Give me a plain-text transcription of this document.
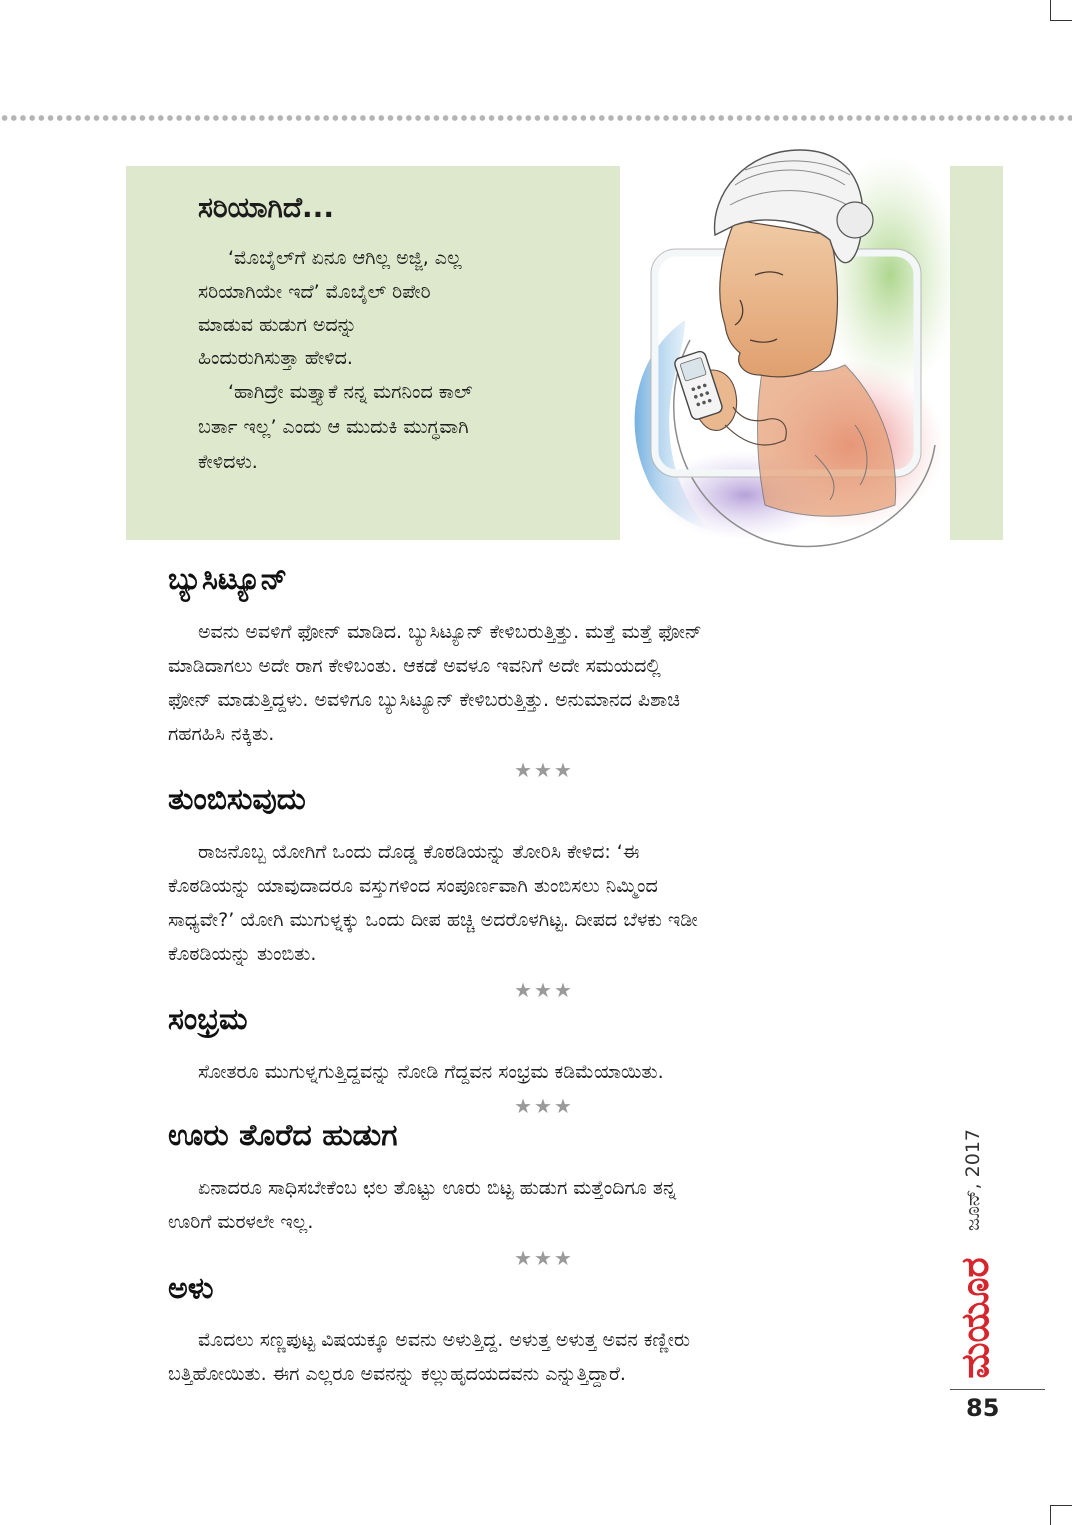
ಸರಿಯಾಗಿದೆ...
‘ಮೊಬೈಲ್‌ಗೆ ಏನೂ ಆಗಿಲ್ಲ ಅಜ್ಜಿ, ಎಲ್ಲ
ಸರಿಯಾಗಿಯೇ ಇದೆ’ ಮೊಬೈಲ್ ರಿಪೇರಿ
ಮಾಡುವ ಹುಡುಗ ಅದನ್ನು
ಹಿಂದುರುಗಿಸುತ್ತಾ ಹೇಳಿದ.
‘ಹಾಗಿದ್ರೇ ಮತ್ತ್ಯಾಕೆ ನನ್ನ ಮಗನಿಂದ ಕಾಲ್
ಬರ್ತಾ ಇಲ್ಲ’ ಎಂದು ಆ ಮುದುಕಿ ಮುಗ್ಧವಾಗಿ
ಕೇಳಿದಳು.
ಬ್ಯುಸಿಟ್ಯೂನ್
ಅವನು ಅವಳಿಗೆ ಫೋನ್ ಮಾಡಿದ. ಬ್ಯುಸಿಟ್ಯೂನ್ ಕೇಳಿಬರುತ್ತಿತ್ತು. ಮತ್ತೆ ಮತ್ತೆ ಫೋನ್
ಮಾಡಿದಾಗಲು ಅದೇ ರಾಗ ಕೇಳಿಬಂತು. ಆಕಡೆ ಅವಳೂ ಇವನಿಗೆ ಅದೇ ಸಮಯದಲ್ಲಿ
ಫೋನ್ ಮಾಡುತ್ತಿದ್ದಳು. ಅವಳಿಗೂ ಬ್ಯುಸಿಟ್ಯೂನ್ ಕೇಳಿಬರುತ್ತಿತ್ತು. ಅನುಮಾನದ ಪಿಶಾಚಿ
ಗಹಗಹಿಸಿ ನಕ್ಕಿತು.
★★★
ತುಂಬಿಸುವುದು
ರಾಜನೊಬ್ಬ ಯೋಗಿಗೆ ಒಂದು ದೊಡ್ಡ ಕೊಠಡಿಯನ್ನು ತೋರಿಸಿ ಕೇಳಿದ: ‘ಈ
ಕೊಠಡಿಯನ್ನು ಯಾವುದಾದರೂ ವಸ್ತುಗಳಿಂದ ಸಂಪೂರ್ಣವಾಗಿ ತುಂಬಿಸಲು ನಿಮ್ಮಿಂದ
ಸಾಧ್ಯವೇ?’ ಯೋಗಿ ಮುಗುಳ್ನಕ್ಕು ಒಂದು ದೀಪ ಹಚ್ಚಿ ಅದರೊಳಗಿಟ್ಟ. ದೀಪದ ಬೆಳಕು ಇಡೀ
ಕೊಠಡಿಯನ್ನು ತುಂಬಿತು.
★★★
ಸಂಭ್ರಮ
ಸೋತರೂ ಮುಗುಳ್ನಗುತ್ತಿದ್ದವನ್ನು ನೋಡಿ ಗೆದ್ದವನ ಸಂಭ್ರಮ ಕಡಿಮೆಯಾಯಿತು.
★★★
ಊರು ತೊರೆದ ಹುಡುಗ
ಏನಾದರೂ ಸಾಧಿಸಬೇಕೆಂಬ ಛಲ ತೊಟ್ಟು ಊರು ಬಿಟ್ಟ ಹುಡುಗ ಮತ್ತೆಂದಿಗೂ ತನ್ನ
ಊರಿಗೆ ಮರಳಲೇ ಇಲ್ಲ.
★★★
ಅಳು
ಮೊದಲು ಸಣ್ಣಪುಟ್ಟ ವಿಷಯಕ್ಕೂ ಅವನು ಅಳುತ್ತಿದ್ದ. ಅಳುತ್ತ ಅಳುತ್ತ ಅವನ ಕಣ್ಣೀರು
ಬತ್ತಿಹೋಯಿತು. ಈಗ ಎಲ್ಲರೂ ಅವನನ್ನು ಕಲ್ಲುಹೃದಯದವನು ಎನ್ನುತ್ತಿದ್ದಾರೆ.
ಜೂನ್, 2017
ಮಯೂರ
85
